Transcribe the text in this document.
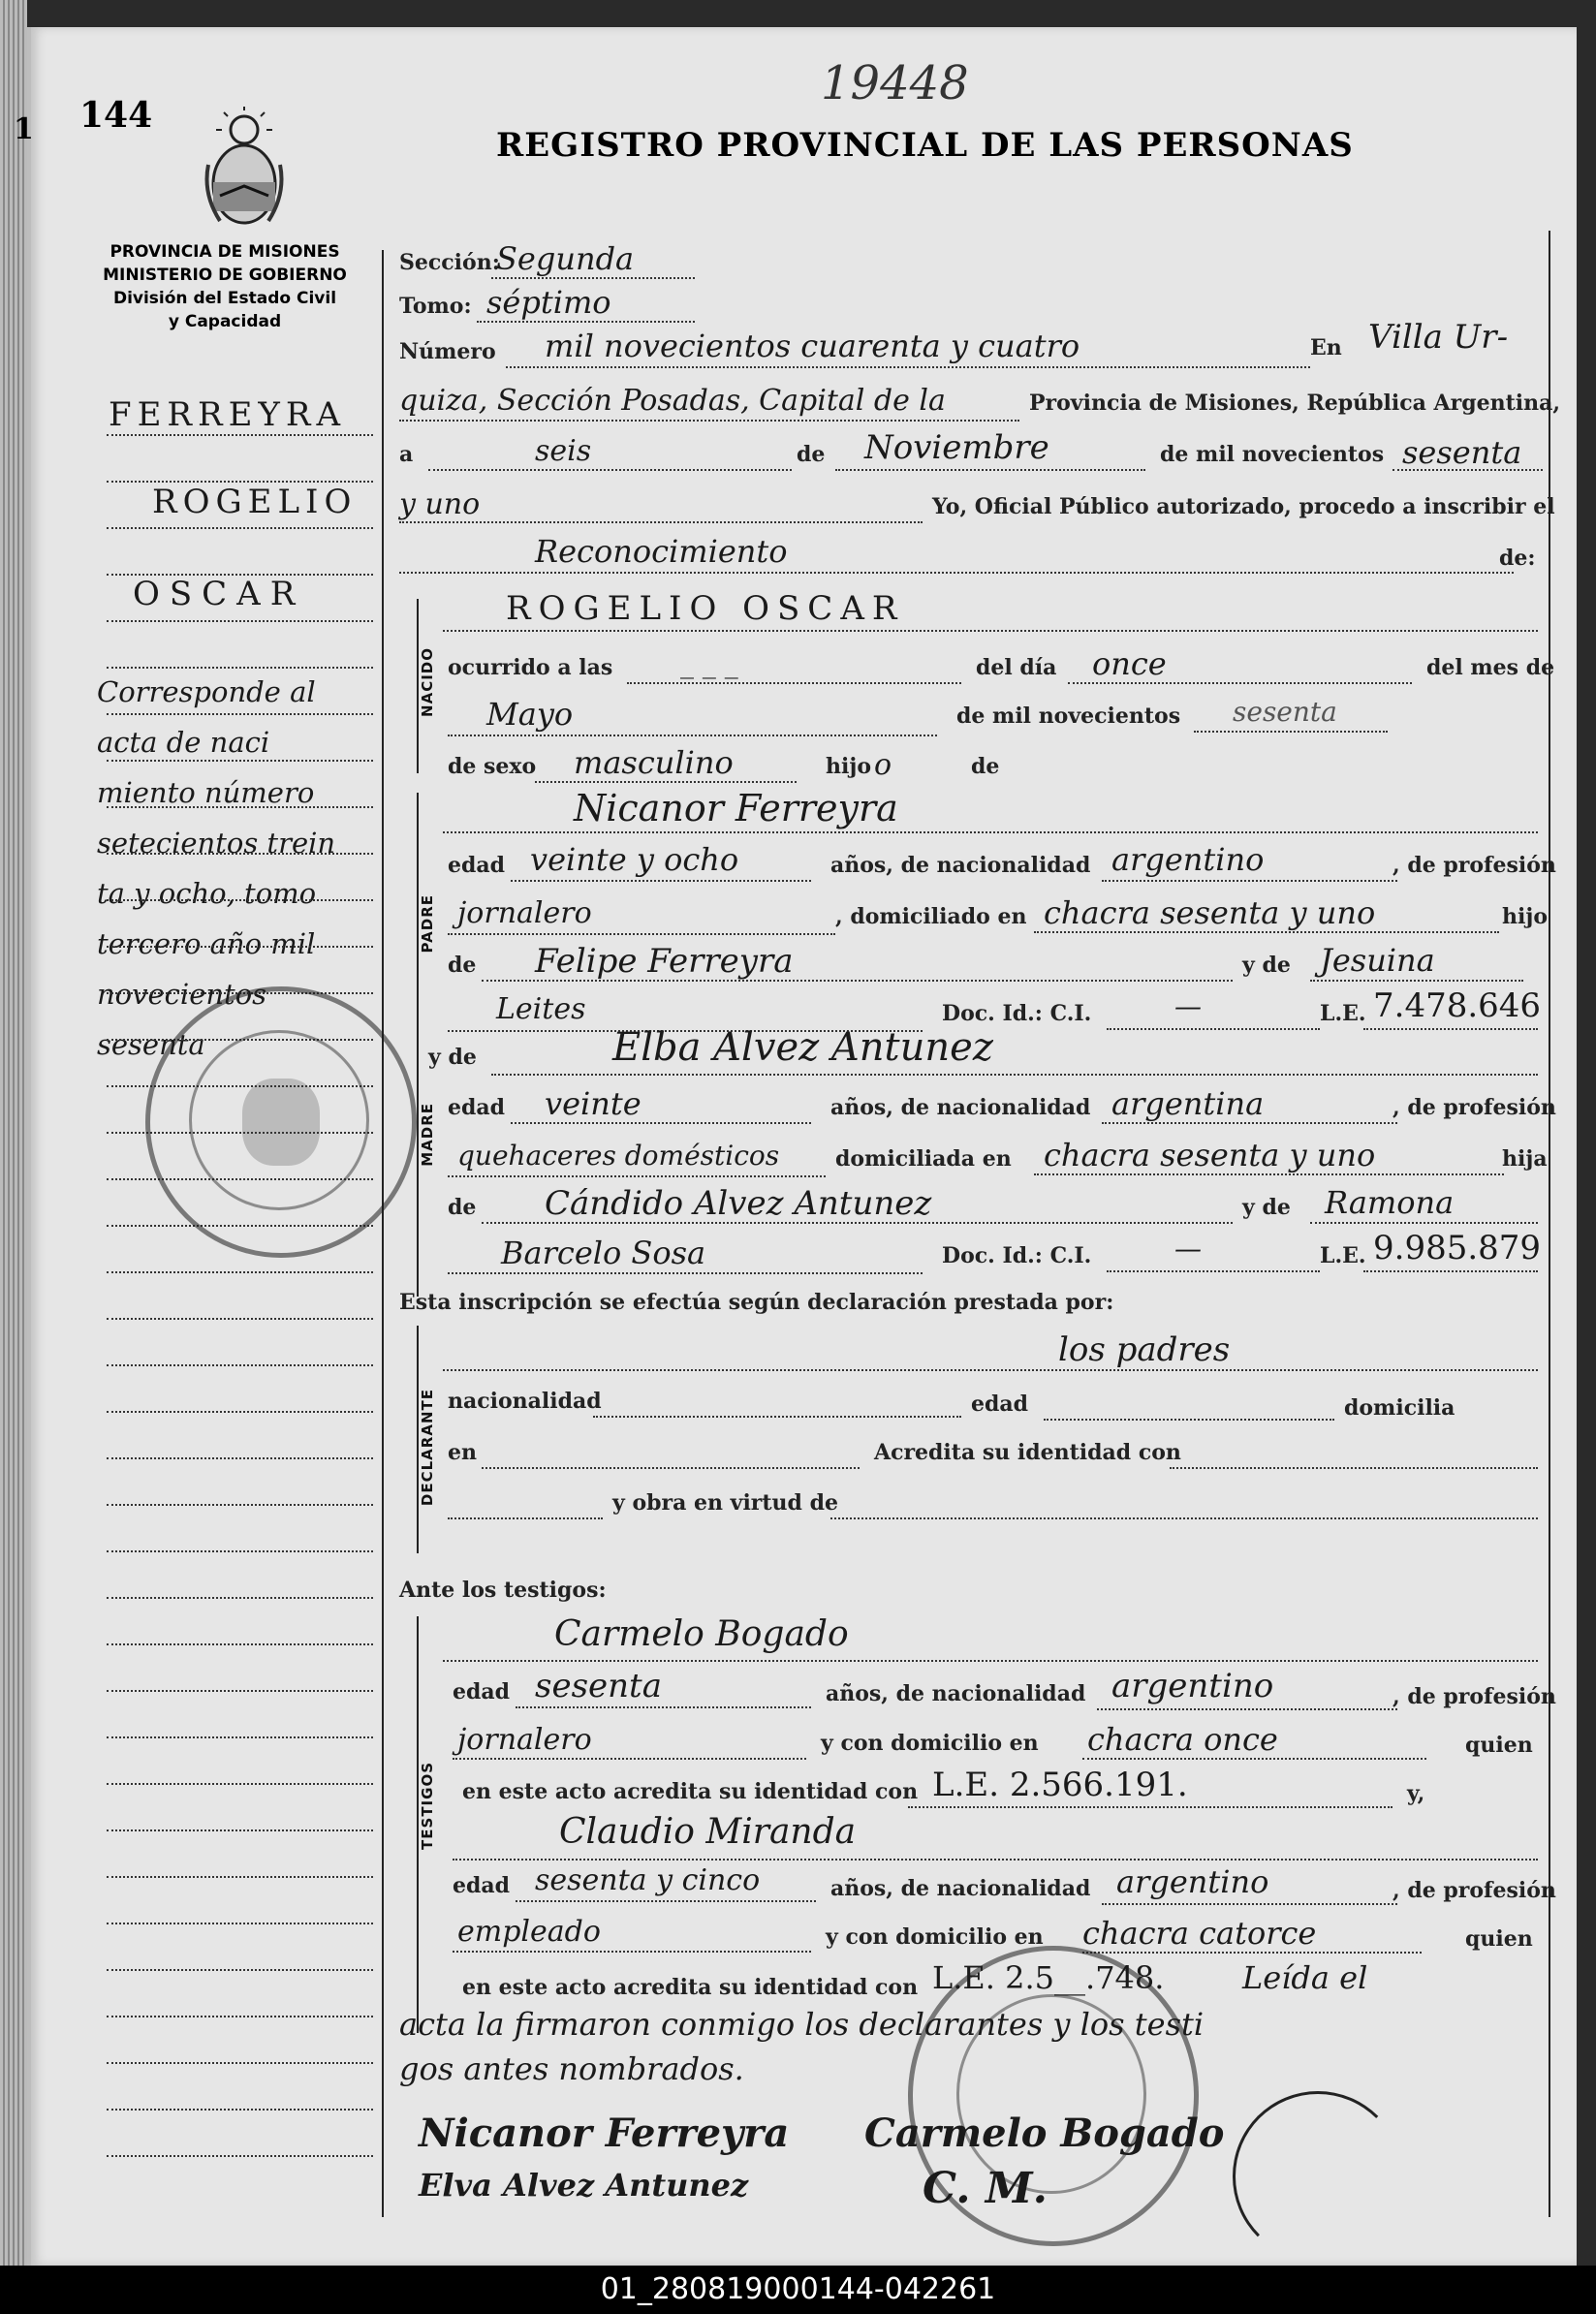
144
1
19448
REGISTRO PROVINCIAL DE LAS PERSONAS
PROVINCIA DE MISIONES
MINISTERIO DE GOBIERNO
División del Estado Civil
y Capacidad
FERREYRA
ROGELIO
OSCAR
Corresponde al
acta de naci
miento número
setecientos trein
ta y ocho, tomo
tercero año mil
novecientos sesenta
Sección:
Segunda
Tomo: séptimo
Número mil novecientos cuarenta y cuatro	En Villa Ur-
quiza, Sección Posadas, Capital de la	Provincia de Misiones, República Argentina,
a	seis	de Noviembre	de mil novecientos sesenta
y uno	Yo, Oficial Público autorizado, procedo a inscribir el
Reconocimiento	de:
NACIDO
ROGELIO OSCAR
ocurrido a las _ _ _	del día once	del mes de
Mayo	de mil novecientos sesenta
de sexo masculino	hijo o	de
PADRE
Nicanor Ferreyra
edad veinte y ocho	años, de nacionalidad argentino	, de profesión
jornalero	, domiciliado en chacra sesenta y uno	hijo
de Felipe Ferreyra	y de Jesuina
Leites	Doc. Id.: C.I.	—	L.E. 7.478.646
MADRE
y de	Elba Alvez Antunez
edad veinte	años, de nacionalidad argentina	, de profesión
quehaceres domésticos	domiciliada en chacra sesenta y uno	hija
de Cándido Alvez Antunez	y de Ramona
Barcelo Sosa	Doc. Id.: C.I.	—	L.E. 9.985.879
Esta inscripción se efectúa según declaración prestada por:
DECLARANTE
los padres
nacionalidad	edad	domicilia
en	Acredita su identidad con
y obra en virtud de
Ante los testigos:
TESTIGOS
Carmelo Bogado
edad sesenta	años, de nacionalidad argentino	, de profesión
jornalero	y con domicilio en chacra once	quien
en este acto acredita su identidad con L.E. 2.566.191.	y,
Claudio Miranda
edad sesenta y cinco	años, de nacionalidad argentino	, de profesión
empleado	y con domicilio en chacra catorce	quien
en este acto acredita su identidad con L.E. 2.5__.748.	Leída el
acta la firmaron conmigo los declarantes y los testi
gos antes nombrados.
Nicanor Ferreyra Carmelo Bogado
Elva Alvez Antunez	C. M.
01_280819000144-042261
